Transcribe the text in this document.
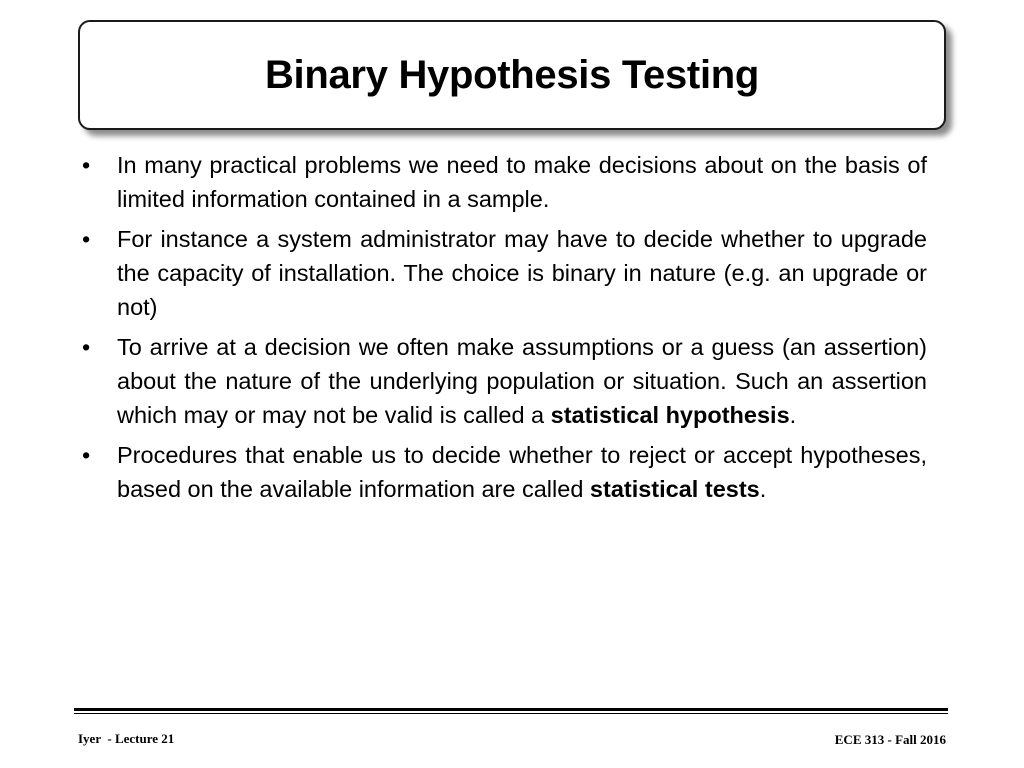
Binary Hypothesis Testing
•	In many practical problems we need to make decisions about on the basis of limited information contained in a sample.
•	For instance a system administrator may have to decide whether to upgrade the capacity of installation. The choice is binary in nature (e.g. an upgrade or not)
•	To arrive at a decision we often make assumptions or a guess (an assertion) about the nature of the underlying population or situation. Such an assertion which may or may not be valid is called a statistical hypothesis.
•	Procedures that enable us to decide whether to reject or accept hypotheses, based on the available information are called statistical tests.
Iyer  - Lecture 21	ECE 313 - Fall 2016
